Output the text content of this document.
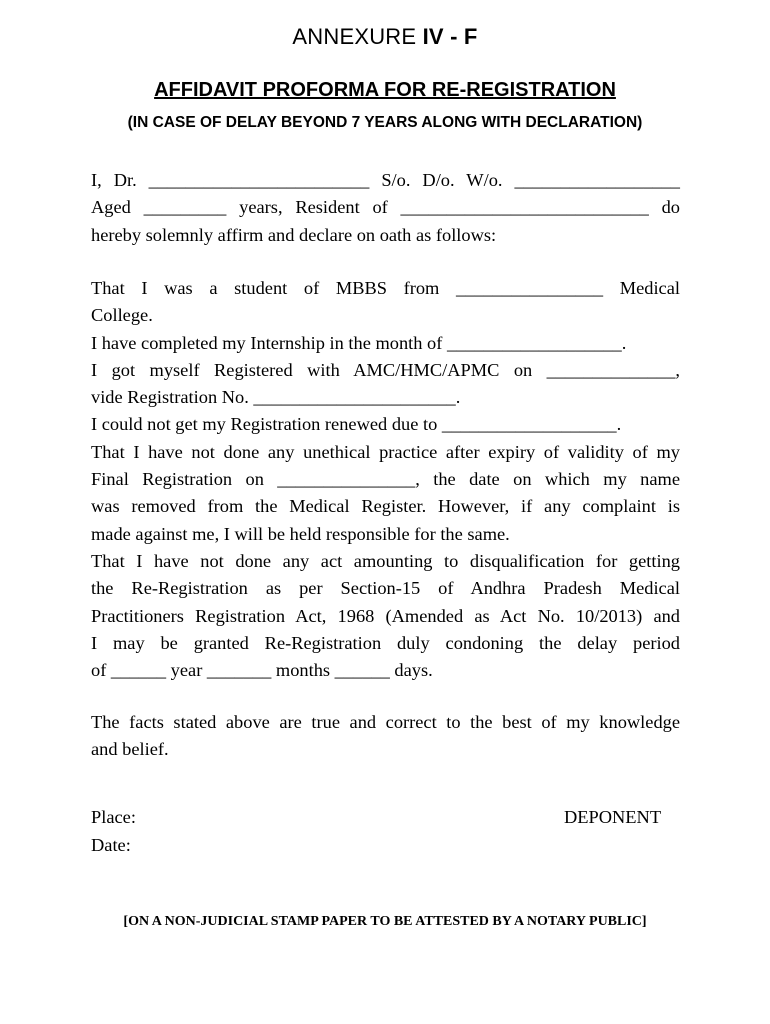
ANNEXURE IV - F
AFFIDAVIT PROFORMA FOR RE-REGISTRATION
(IN CASE OF DELAY BEYOND 7 YEARS ALONG WITH DECLARATION)
I, Dr. ________________________ S/o. D/o. W/o. __________________
Aged _________ years, Resident of ___________________________ do
hereby solemnly affirm and declare on oath as follows:
That I was a student of MBBS from ________________ Medical
College.
I have completed my Internship in the month of ___________________.
I got myself Registered with AMC/HMC/APMC on ______________,
vide Registration No. ______________________.
I could not get my Registration renewed due to ___________________.
That I have not done any unethical practice after expiry of validity of my
Final Registration on _______________, the date on which my name
was removed from the Medical Register. However, if any complaint is
made against me, I will be held responsible for the same.
That I have not done any act amounting to disqualification for getting
the Re-Registration as per Section-15 of Andhra Pradesh Medical
Practitioners Registration Act, 1968 (Amended as Act No. 10/2013) and
I may be granted Re-Registration duly condoning the delay period
of ______ year _______ months ______ days.
The facts stated above are true and correct to the best of my knowledge
and belief.
Place:
Date:
DEPONENT
[ON A NON-JUDICIAL STAMP PAPER TO BE ATTESTED BY A NOTARY PUBLIC]
